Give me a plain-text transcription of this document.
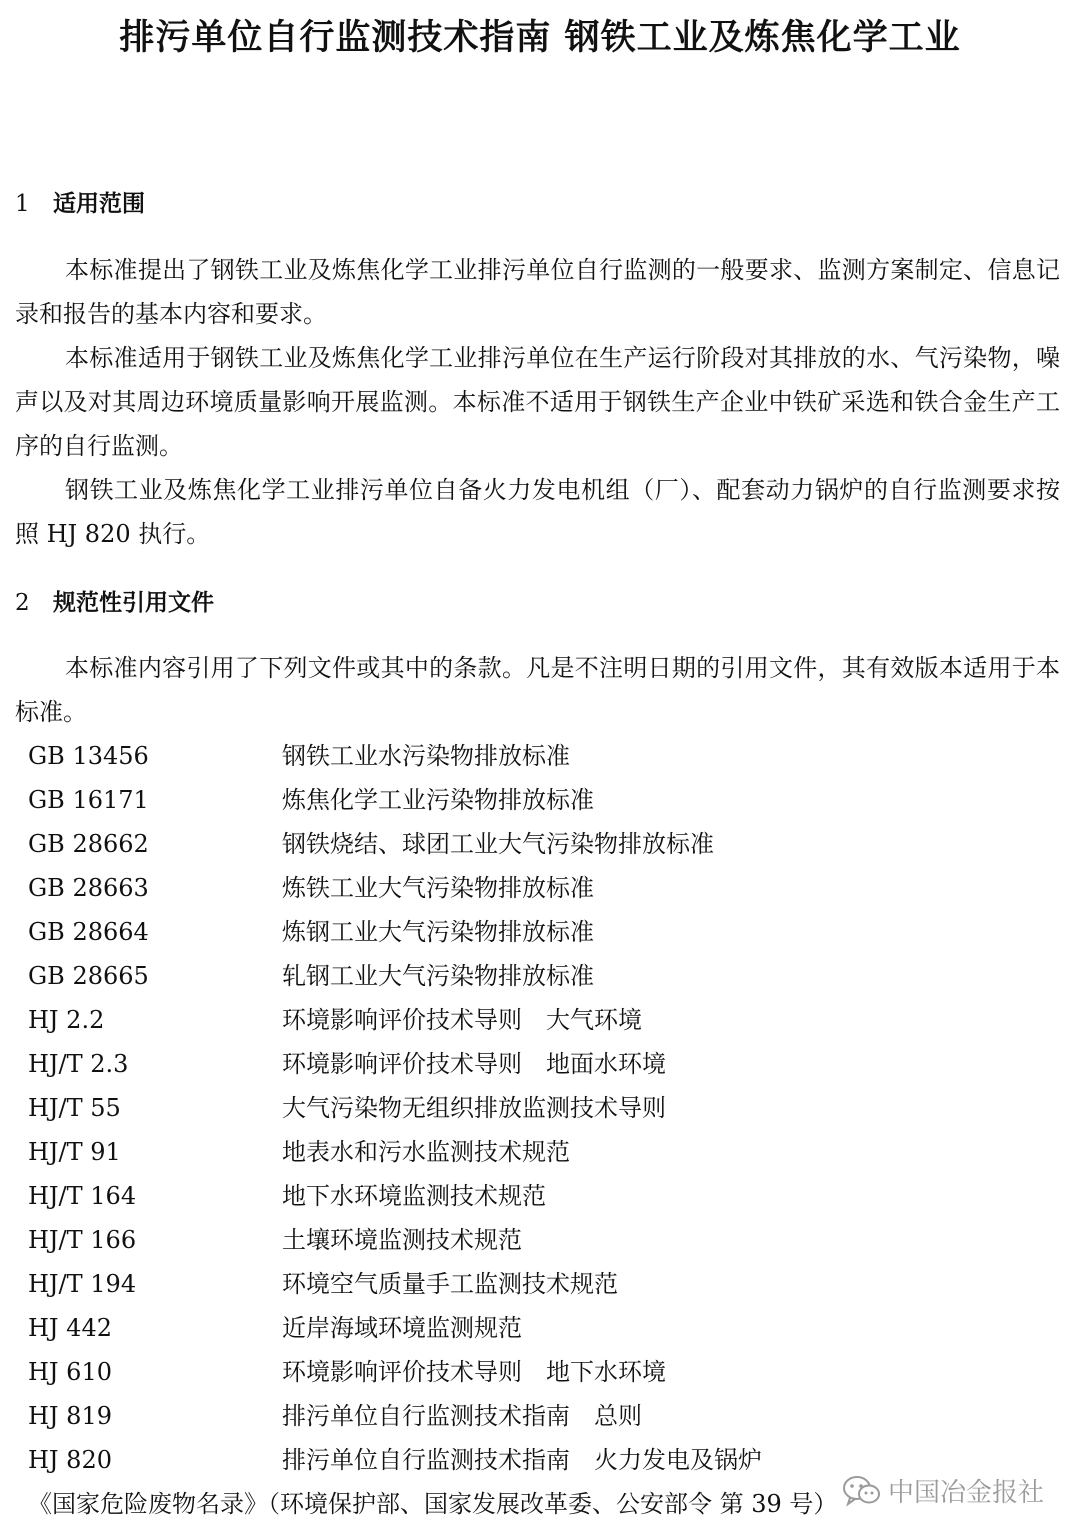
排污单位自行监测技术指南 钢铁工业及炼焦化学工业
1 适用范围

本标准提出了钢铁工业及炼焦化学工业排污单位自行监测的一般要求、监测方案制定、信息记录和报告的基本内容和要求。

本标准适用于钢铁工业及炼焦化学工业排污单位在生产运行阶段对其排放的水、气污染物，噪声以及对其周边环境质量影响开展监测。本标准不适用于钢铁生产企业中铁矿采选和铁合金生产工序的自行监测。

钢铁工业及炼焦化学工业排污单位自备火力发电机组（厂）、配套动力锅炉的自行监测要求按照 HJ 820 执行。

2 规范性引用文件

本标准内容引用了下列文件或其中的条款。凡是不注明日期的引用文件，其有效版本适用于本标准。

GB 13456	钢铁工业水污染物排放标准
GB 16171	炼焦化学工业污染物排放标准
GB 28662	钢铁烧结、球团工业大气污染物排放标准
GB 28663	炼铁工业大气污染物排放标准
GB 28664	炼钢工业大气污染物排放标准
GB 28665	轧钢工业大气污染物排放标准
HJ 2.2	环境影响评价技术导则　大气环境
HJ/T 2.3	环境影响评价技术导则　地面水环境
HJ/T 55	大气污染物无组织排放监测技术导则
HJ/T 91	地表水和污水监测技术规范
HJ/T 164	地下水环境监测技术规范
HJ/T 166	土壤环境监测技术规范
HJ/T 194	环境空气质量手工监测技术规范
HJ 442	近岸海域环境监测规范
HJ 610	环境影响评价技术导则　地下水环境
HJ 819	排污单位自行监测技术指南　总则
HJ 820	排污单位自行监测技术指南　火力发电及锅炉
《国家危险废物名录》（环境保护部、国家发展改革委、公安部令 第 39 号）	中国冶金报社
